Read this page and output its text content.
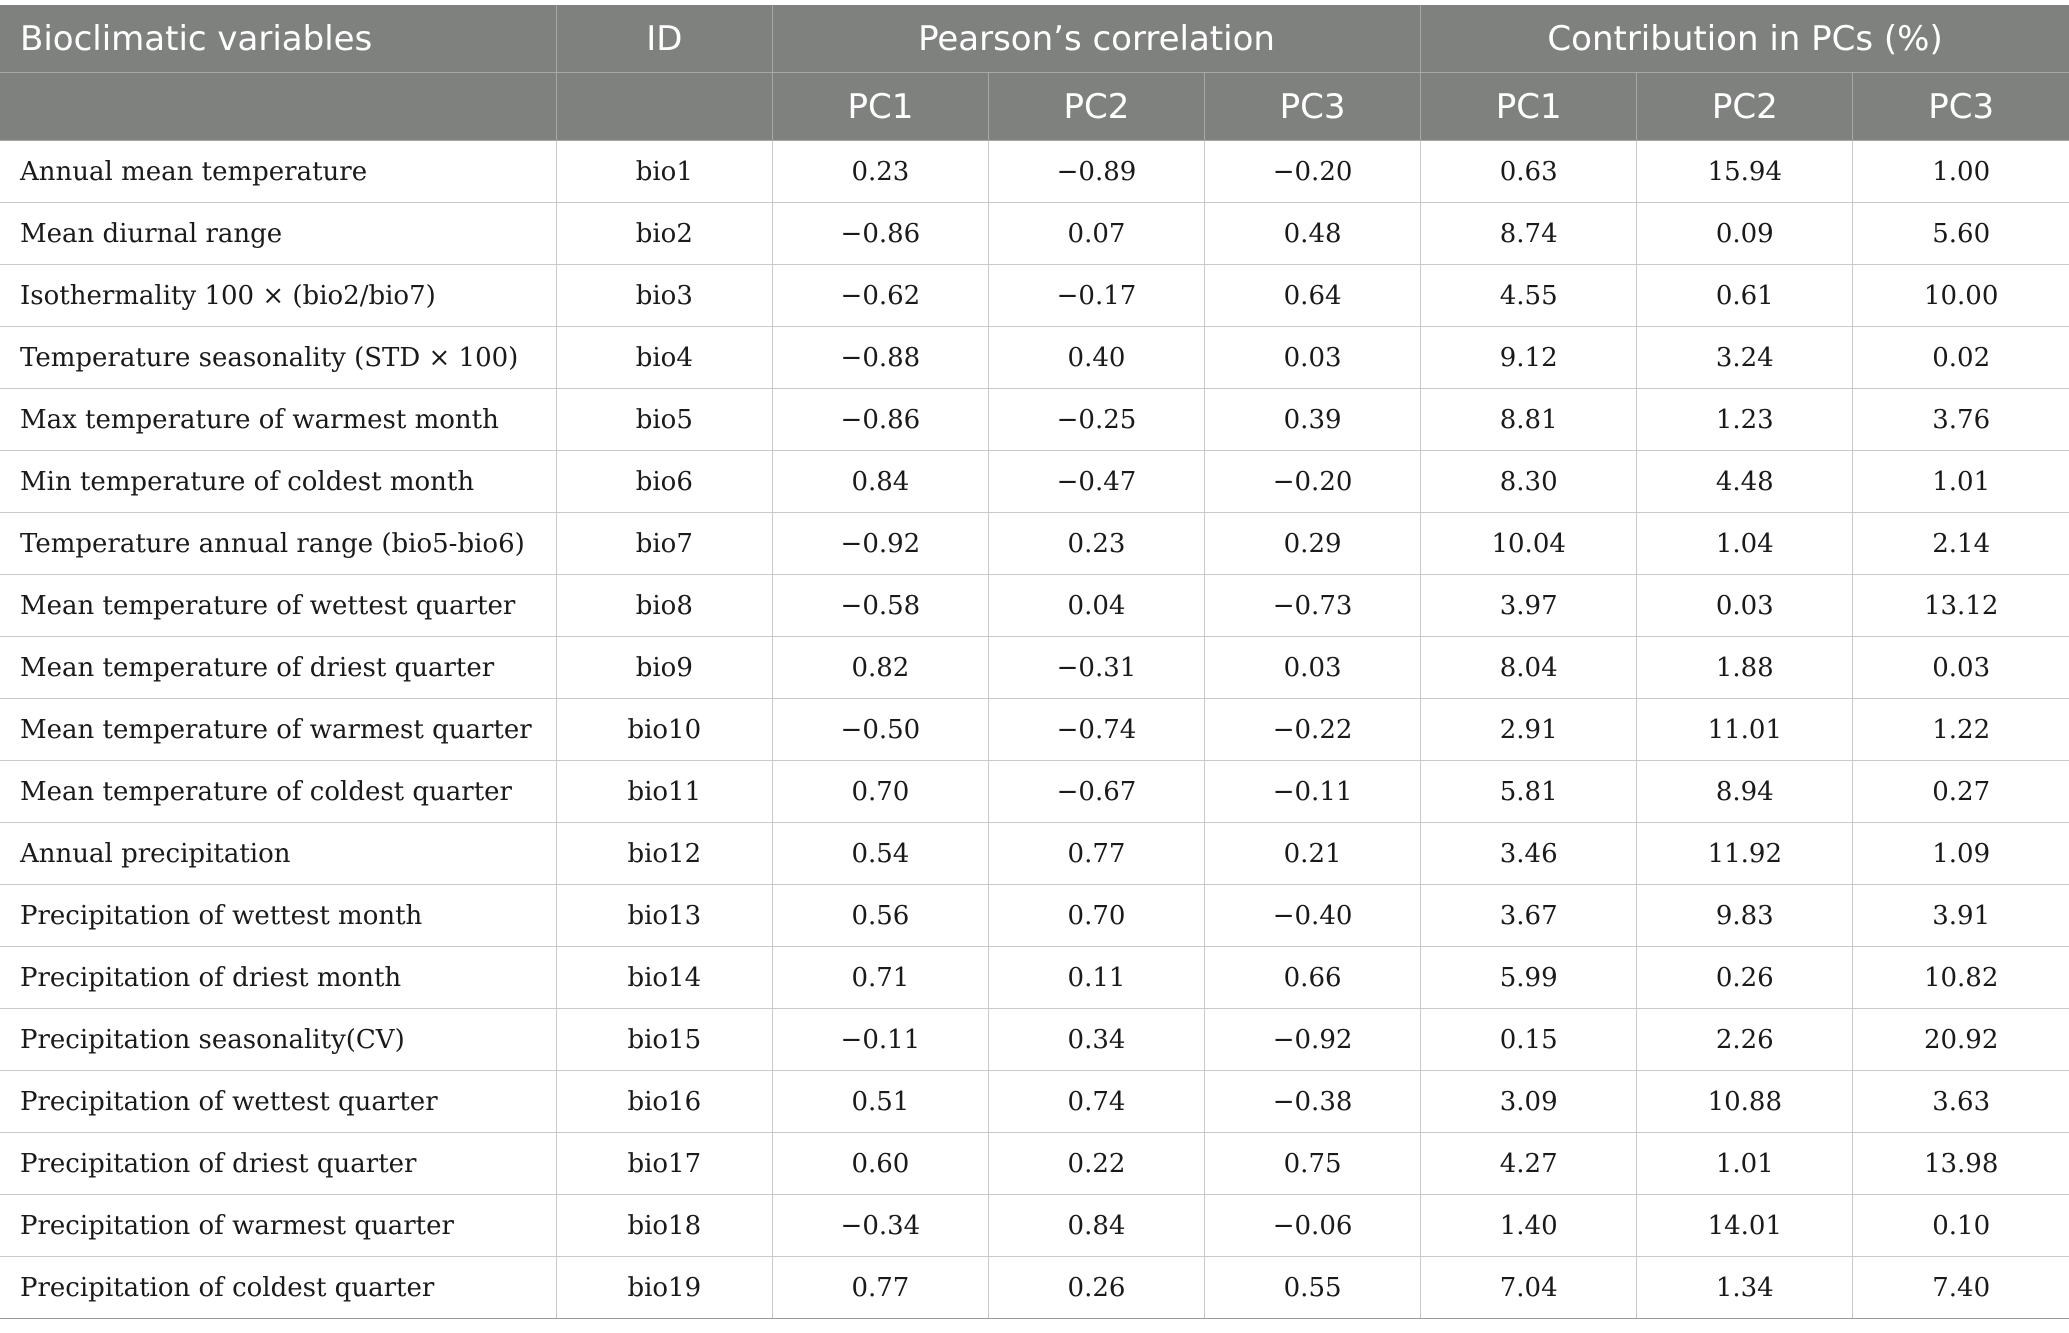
Bioclimatic variables	ID	Pearson’s correlation			Contribution in PCs (%)		
		PC1	PC2	PC3	PC1	PC2	PC3
Annual mean temperature	bio1	0.23	−0.89	−0.20	0.63	15.94	1.00
Mean diurnal range	bio2	−0.86	0.07	0.48	8.74	0.09	5.60
Isothermality 100 × (bio2/bio7)	bio3	−0.62	−0.17	0.64	4.55	0.61	10.00
Temperature seasonality (STD × 100)	bio4	−0.88	0.40	0.03	9.12	3.24	0.02
Max temperature of warmest month	bio5	−0.86	−0.25	0.39	8.81	1.23	3.76
Min temperature of coldest month	bio6	0.84	−0.47	−0.20	8.30	4.48	1.01
Temperature annual range (bio5-bio6)	bio7	−0.92	0.23	0.29	10.04	1.04	2.14
Mean temperature of wettest quarter	bio8	−0.58	0.04	−0.73	3.97	0.03	13.12
Mean temperature of driest quarter	bio9	0.82	−0.31	0.03	8.04	1.88	0.03
Mean temperature of warmest quarter	bio10	−0.50	−0.74	−0.22	2.91	11.01	1.22
Mean temperature of coldest quarter	bio11	0.70	−0.67	−0.11	5.81	8.94	0.27
Annual precipitation	bio12	0.54	0.77	0.21	3.46	11.92	1.09
Precipitation of wettest month	bio13	0.56	0.70	−0.40	3.67	9.83	3.91
Precipitation of driest month	bio14	0.71	0.11	0.66	5.99	0.26	10.82
Precipitation seasonality(CV)	bio15	−0.11	0.34	−0.92	0.15	2.26	20.92
Precipitation of wettest quarter	bio16	0.51	0.74	−0.38	3.09	10.88	3.63
Precipitation of driest quarter	bio17	0.60	0.22	0.75	4.27	1.01	13.98
Precipitation of warmest quarter	bio18	−0.34	0.84	−0.06	1.40	14.01	0.10
Precipitation of coldest quarter	bio19	0.77	0.26	0.55	7.04	1.34	7.40
